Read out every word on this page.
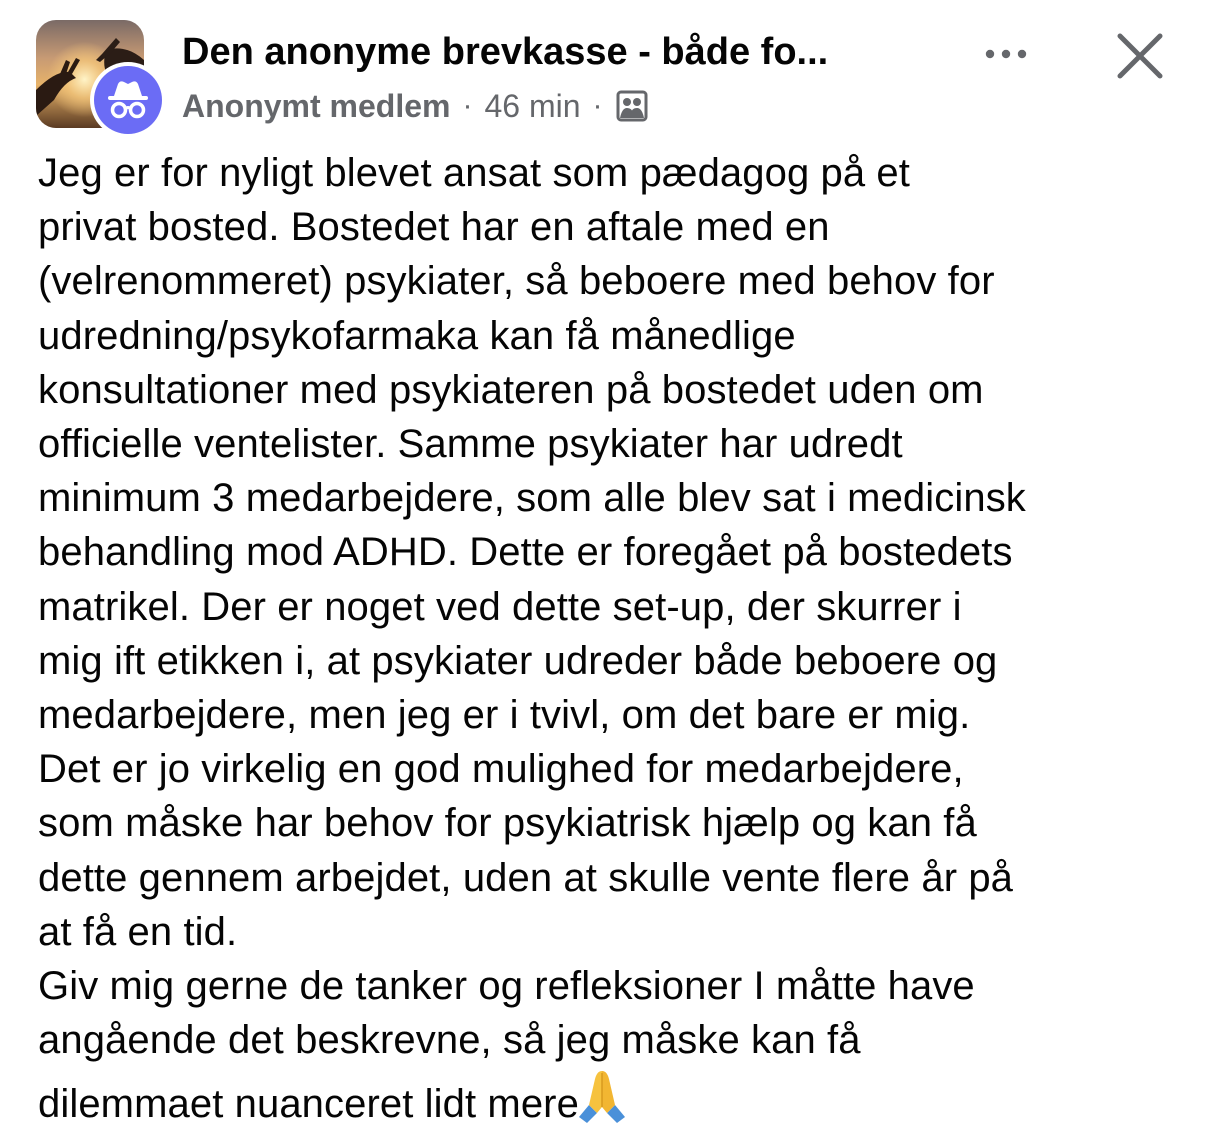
Den anonyme brevkasse - både fo...
Anonymt medlem · 46 min ·
Jeg er for nyligt blevet ansat som pædagog på et
privat bosted. Bostedet har en aftale med en
(velrenommeret) psykiater, så beboere med behov for
udredning/psykofarmaka kan få månedlige
konsultationer med psykiateren på bostedet uden om
officielle ventelister. Samme psykiater har udredt
minimum 3 medarbejdere, som alle blev sat i medicinsk
behandling mod ADHD. Dette er foregået på bostedets
matrikel. Der er noget ved dette set-up, der skurrer i
mig ift etikken i, at psykiater udreder både beboere og
medarbejdere, men jeg er i tvivl, om det bare er mig.
Det er jo virkelig en god mulighed for medarbejdere,
som måske har behov for psykiatrisk hjælp og kan få
dette gennem arbejdet, uden at skulle vente flere år på
at få en tid.
Giv mig gerne de tanker og refleksioner I måtte have
angående det beskrevne, så jeg måske kan få
dilemmaet nuanceret lidt mere
